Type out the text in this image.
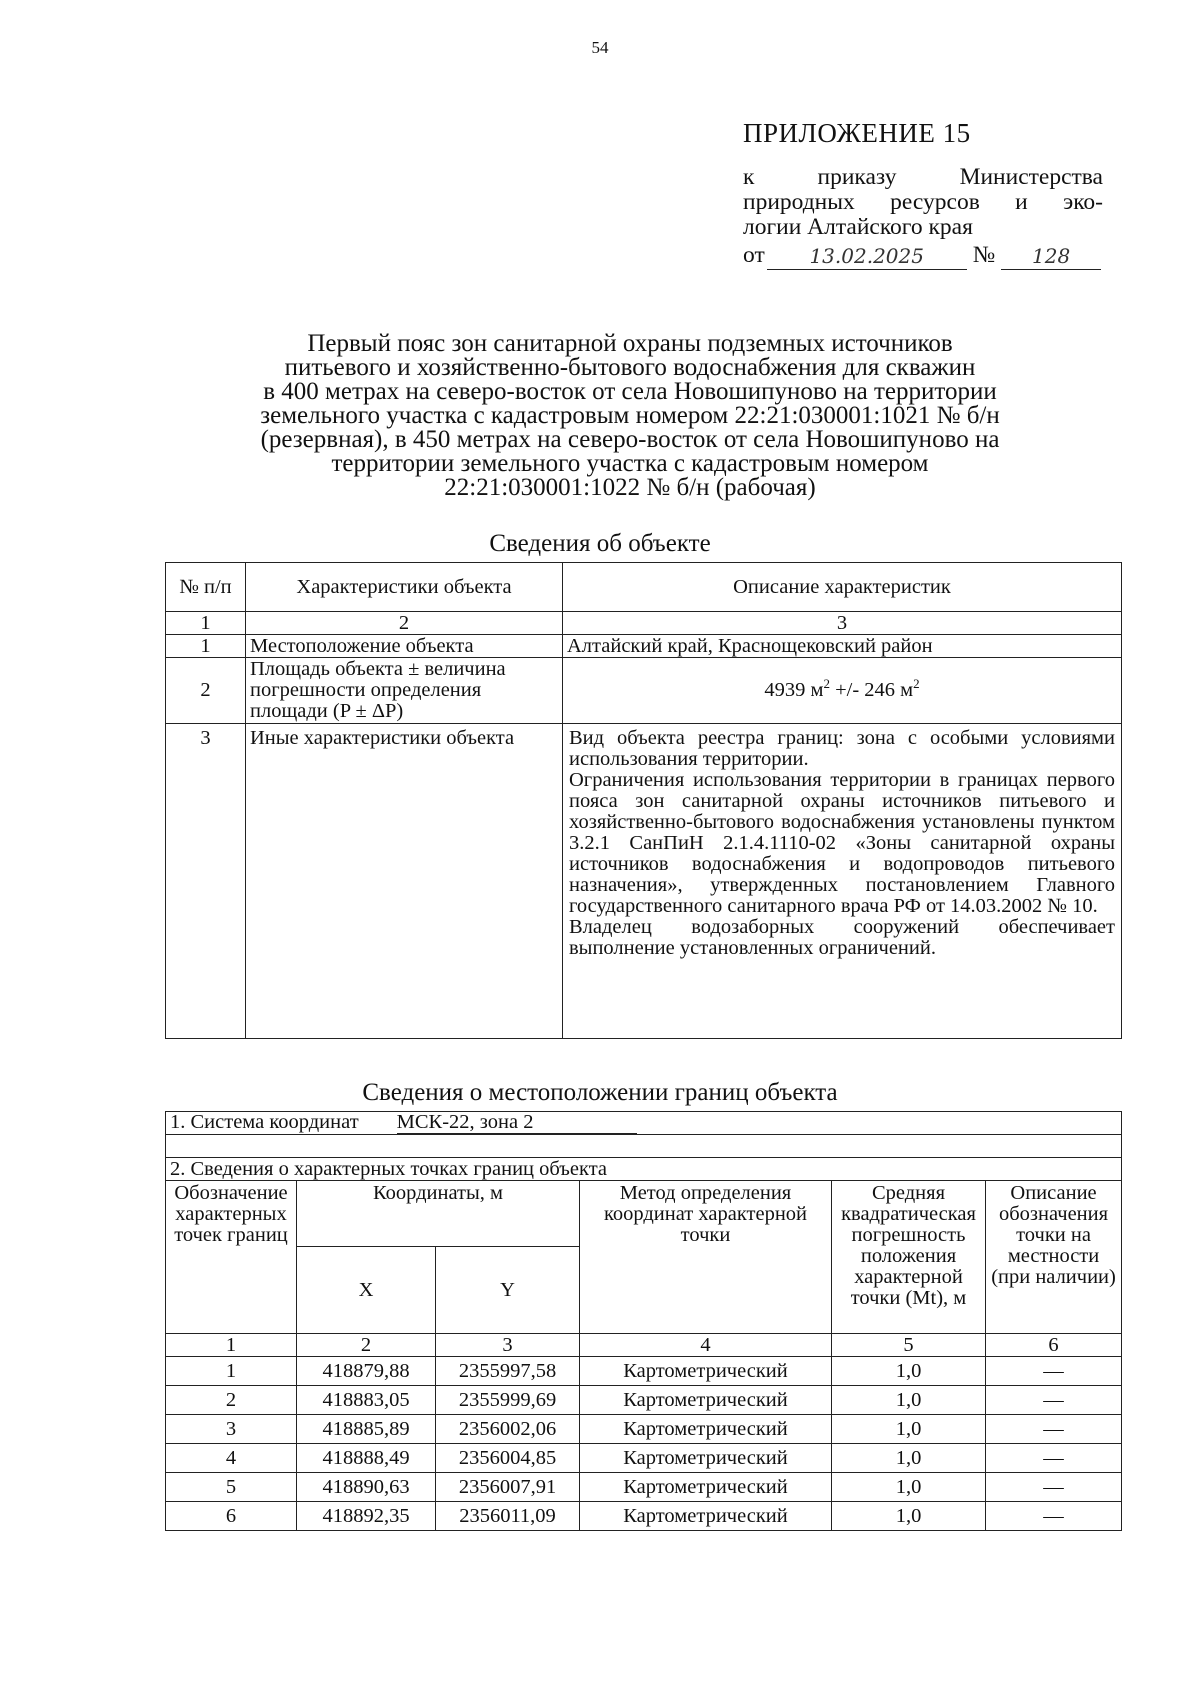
54
ПРИЛОЖЕНИЕ 15
к приказу Министерства
природных ресурсов и эко-
логии Алтайского края
от	13.02.2025	№	128
Первый пояс зон санитарной охраны подземных источников
питьевого и хозяйственно-бытового водоснабжения для скважин
в 400 метрах на северо-восток от села Новошипуново на территории
земельного участка с кадастровым номером 22:21:030001:1021 № б/н
(резервная), в 450 метрах на северо-восток от села Новошипуново на
территории земельного участка с кадастровым номером
22:21:030001:1022 № б/н (рабочая)
Сведения об объекте
№ п/п	Характеристики объекта	Описание характеристик
1	2	3
1	Местоположение объекта	Алтайский край, Краснощековский район
2	Площадь объекта ± величина
погрешности определения
площади (P ± ΔP)	4939 $м^2$ +/- 246 $м^2$
3	Иные характеристики объекта	Вид объекта реестра границ: зона с особыми условиями использования территории.
Ограничения использования территории в границах первого пояса зон санитарной охраны источников питьевого и хозяйственно-бытового водоснабжения установлены пунктом 3.2.1 СанПиН 2.1.4.1110-02 «Зоны санитарной охраны источников водоснабжения и водопроводов питьевого назначения», утвержденных постановлением Главного государственного санитарного врача РФ от 14.03.2002 № 10.
Владелец водозаборных сооружений обеспечивает выполнение установленных ограничений.
Сведения о местоположении границ объекта
1. Система координат МСК-22, зона 2					

2. Сведения о характерных точках границ объекта					
Обозначение характерных точек границ	Координаты, м		Метод определения координат характерной точки	Средняя квадратическая погрешность положения характерной точки (Mt), м	Описание обозначения точки на местности (при наличии)
	X	Y			
1	2	3	4	5	6
1	418879,88	2355997,58	Картометрический	1,0	—
2	418883,05	2355999,69	Картометрический	1,0	—
3	418885,89	2356002,06	Картометрический	1,0	—
4	418888,49	2356004,85	Картометрический	1,0	—
5	418890,63	2356007,91	Картометрический	1,0	—
6	418892,35	2356011,09	Картометрический	1,0	—
